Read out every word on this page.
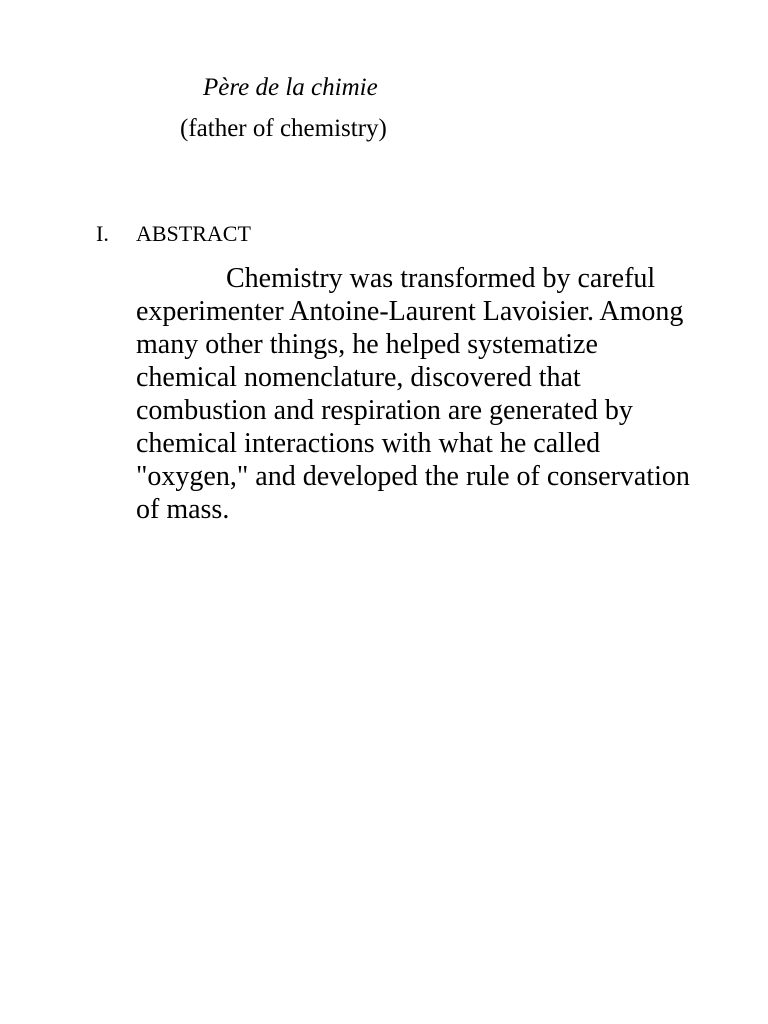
Père de la chimie
(father of chemistry)
I. ABSTRACT

Chemistry was transformed by careful experimenter Antoine-Laurent Lavoisier. Among many other things, he helped systematize chemical nomenclature, discovered that combustion and respiration are generated by chemical interactions with what he called "oxygen," and developed the rule of conservation of mass.
